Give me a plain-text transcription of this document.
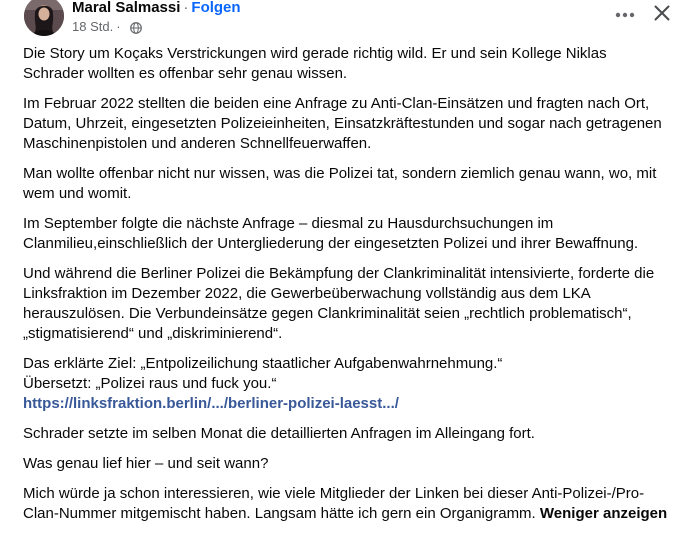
Maral Salmassi · Folgen
18 Std. ·

Die Story um Koçaks Verstrickungen wird gerade richtig wild. Er und sein Kollege Niklas Schrader wollten es offenbar sehr genau wissen.

Im Februar 2022 stellten die beiden eine Anfrage zu Anti-Clan-Einsätzen und fragten nach Ort, Datum, Uhrzeit, eingesetzten Polizeieinheiten, Einsatzkräftestunden und sogar nach getragenen Maschinenpistolen und anderen Schnellfeuerwaffen.

Man wollte offenbar nicht nur wissen, was die Polizei tat, sondern ziemlich genau wann, wo, mit wem und womit.

Im September folgte die nächste Anfrage – diesmal zu Hausdurchsuchungen im Clanmilieu,einschließlich der Untergliederung der eingesetzten Polizei und ihrer Bewaffnung.

Und während die Berliner Polizei die Bekämpfung der Clankriminalität intensivierte, forderte die Linksfraktion im Dezember 2022, die Gewerbeüberwachung vollständig aus dem LKA herauszulösen. Die Verbundeinsätze gegen Clankriminalität seien „rechtlich problematisch“, „stigmatisierend“ und „diskriminierend“.

Das erklärte Ziel: „Entpolizeilichung staatlicher Aufgabenwahrnehmung.“
Übersetzt: „Polizei raus und fuck you.“
https://linksfraktion.berlin/.../berliner-polizei-laesst.../

Schrader setzte im selben Monat die detaillierten Anfragen im Alleingang fort.

Was genau lief hier – und seit wann?

Mich würde ja schon interessieren, wie viele Mitglieder der Linken bei dieser Anti-Polizei-/Pro-Clan-Nummer mitgemischt haben. Langsam hätte ich gern ein Organigramm. Weniger anzeigen
